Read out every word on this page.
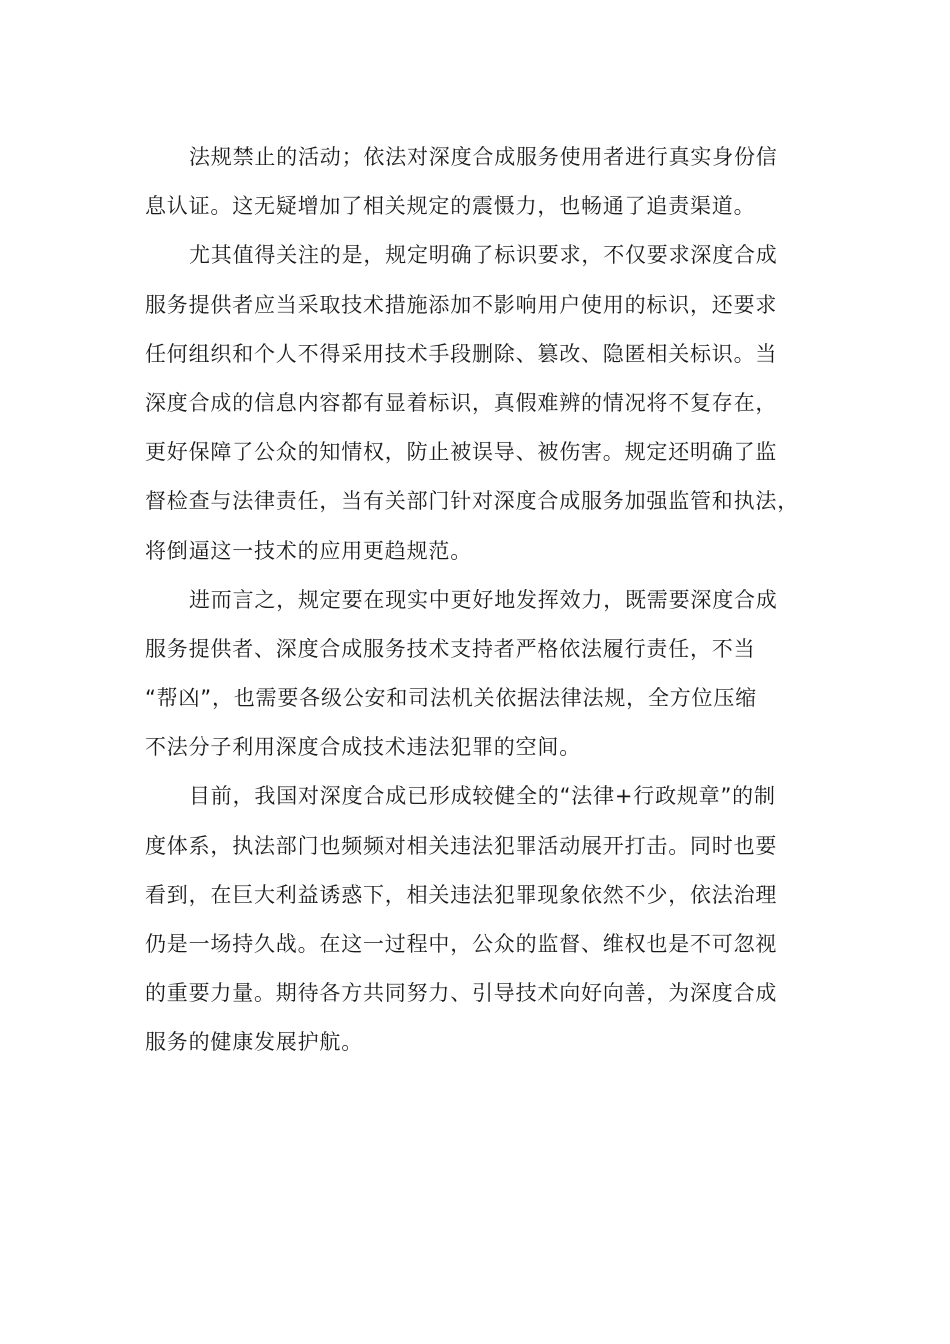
法规禁止的活动；依法对深度合成服务使用者进行真实身份信
息认证。这无疑增加了相关规定的震慑力，也畅通了追责渠道。
尤其值得关注的是，规定明确了标识要求，不仅要求深度合成
服务提供者应当采取技术措施添加不影响用户使用的标识，还要求
任何组织和个人不得采用技术手段删除、篡改、隐匿相关标识。当
深度合成的信息内容都有显着标识，真假难辨的情况将不复存在，
更好保障了公众的知情权，防止被误导、被伤害。规定还明确了监
督检查与法律责任，当有关部门针对深度合成服务加强监管和执法，
将倒逼这一技术的应用更趋规范。
进而言之，规定要在现实中更好地发挥效力，既需要深度合成
服务提供者、深度合成服务技术支持者严格依法履行责任，不当
“帮凶”，也需要各级公安和司法机关依据法律法规，全方位压缩
不法分子利用深度合成技术违法犯罪的空间。
目前，我国对深度合成已形成较健全的“法律+行政规章”的制
度体系，执法部门也频频对相关违法犯罪活动展开打击。同时也要
看到，在巨大利益诱惑下，相关违法犯罪现象依然不少，依法治理
仍是一场持久战。在这一过程中，公众的监督、维权也是不可忽视
的重要力量。期待各方共同努力、引导技术向好向善，为深度合成
服务的健康发展护航。
